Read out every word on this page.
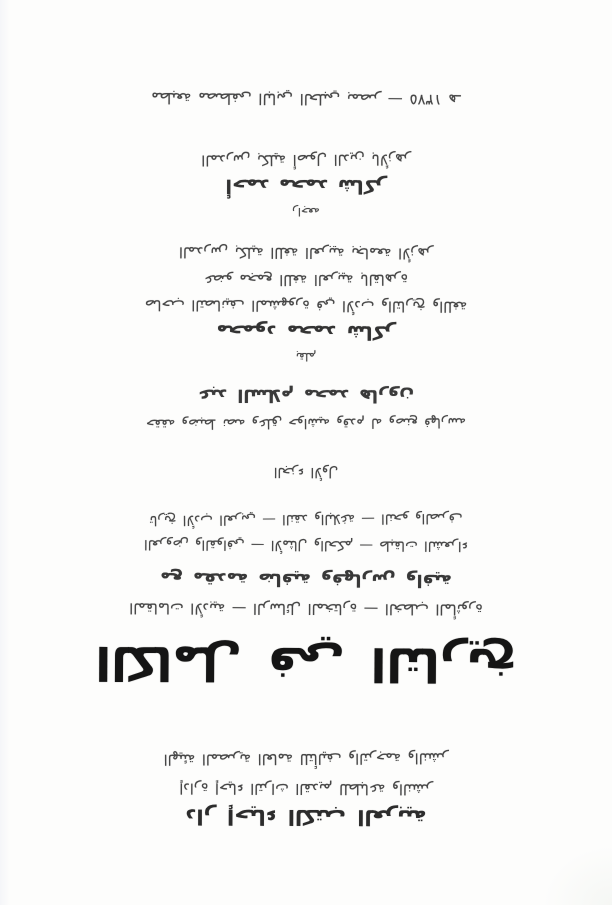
مطبعة مصطفى البابي الحلبي بمصر — ١٣٧٥ هـ
المدرس بكلية أصول الدين بالأزهر
أحمد محمد شاكر
راجعه
المدرس بكلية اللغة العربية بجامعة الأزهر
عضو مجمع اللغة العربية بالقاهرة
صاحب التصانيف المشهورة في الأدب والتاريخ واللغة
محمود محمد شاكر
بقلم
عبد السلام محمد هارون
حققه وضبط نصه وعلق حواشيه وقدم له وصنع فهارسه
الجزء الأول
تاريخ الأدب العربي — النقد والبلاغة — النحو والصرف
العروض والقوافي — الأمثال والحكم — طبقات الشعراء
مع مقدمة ضافية وفهارس وافية
المقامات الأدبية — الرسائل المختارة — الخطب المأثورة
الكامل في التاريخ
الهيئة المصرية العامة للتأليف والترجمة والنشر
إدارة إحياء التراث القديم للطباعة والنشر
دار إحياء الكتب العربية
